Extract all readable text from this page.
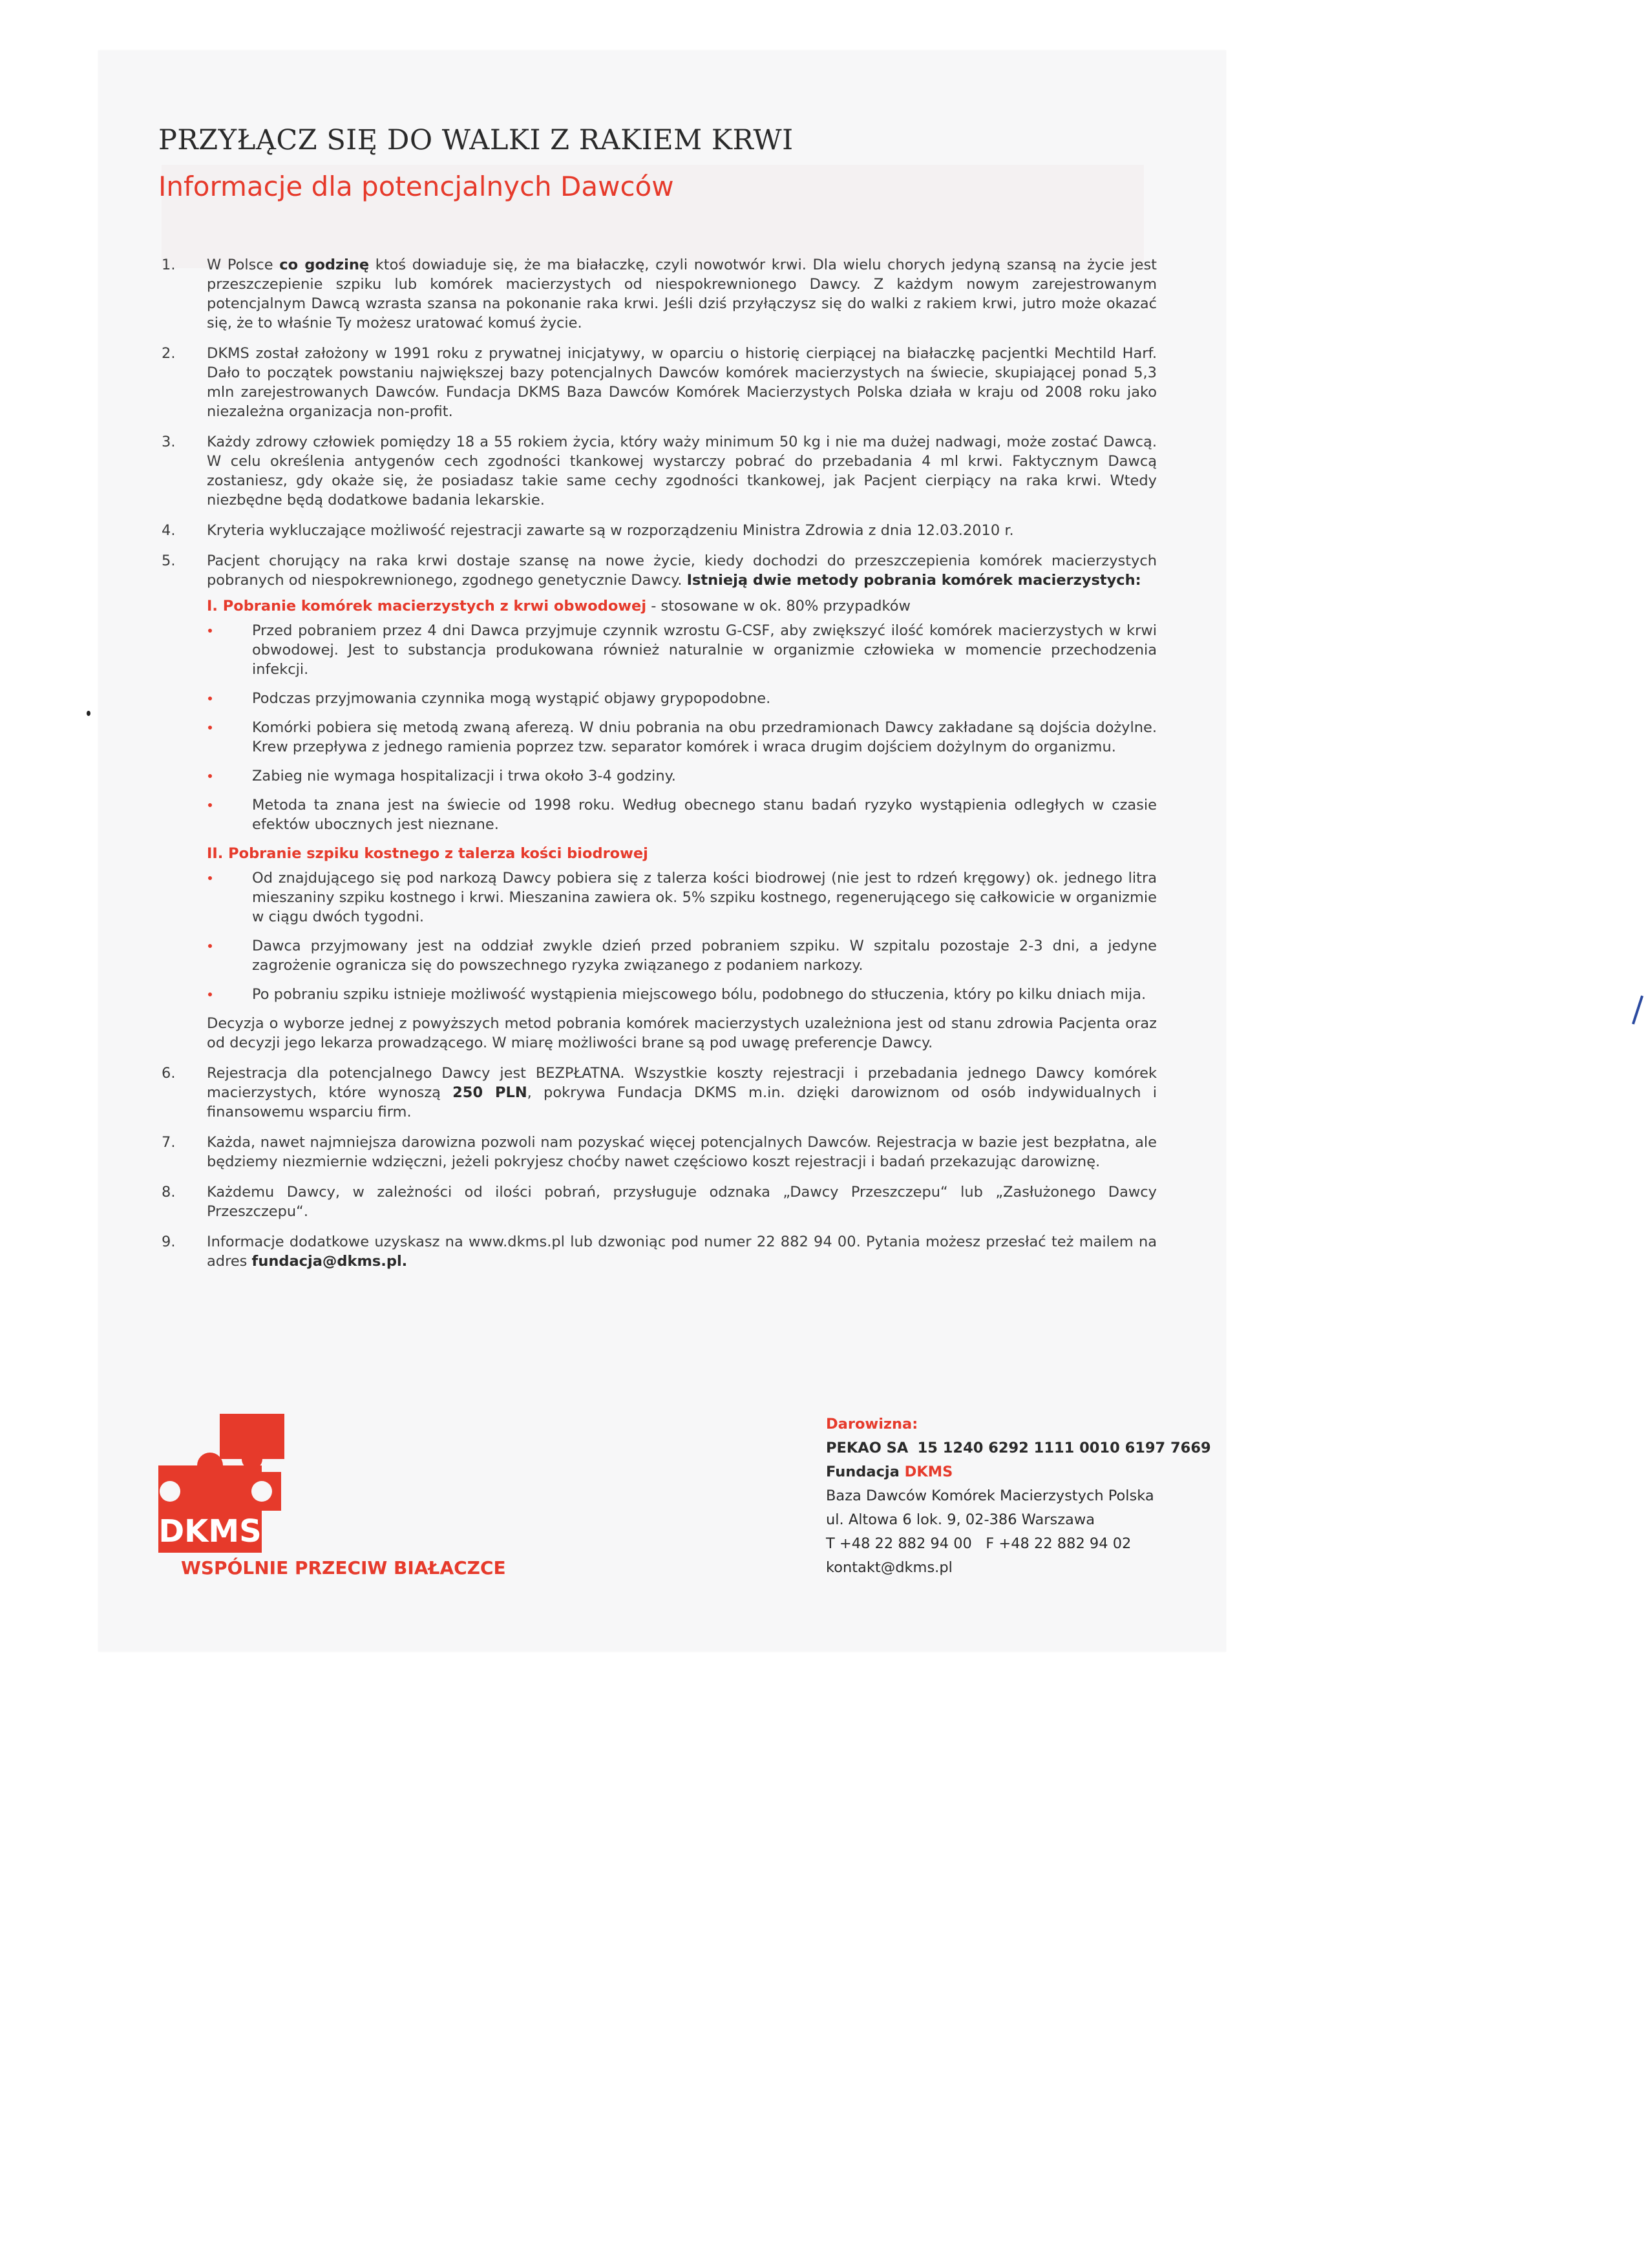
PRZYŁĄCZ SIĘ DO WALKI Z RAKIEM KRWI
Informacje dla potencjalnych Dawców
1.	W Polsce co godzinę ktoś dowiaduje się, że ma białaczkę, czyli nowotwór krwi. Dla wielu chorych jedyną szansą na życie jest przeszczepienie szpiku lub komórek macierzystych od niespokrewnionego Dawcy. Z każdym nowym zarejestrowanym potencjalnym Dawcą wzrasta szansa na pokonanie raka krwi. Jeśli dziś przyłączysz się do walki z rakiem krwi, jutro może okazać się, że to właśnie Ty możesz uratować komuś życie.
2.	DKMS został założony w 1991 roku z prywatnej inicjatywy, w oparciu o historię cierpiącej na białaczkę pacjentki Mechtild Harf. Dało to początek powstaniu największej bazy potencjalnych Dawców komórek macierzystych na świecie, skupiającej ponad 5,3 mln zarejestrowanych Dawców. Fundacja DKMS Baza Dawców Komórek Macierzystych Polska działa w kraju od 2008 roku jako niezależna organizacja non-profit.
3.	Każdy zdrowy człowiek pomiędzy 18 a 55 rokiem życia, który waży minimum 50 kg i nie ma dużej nadwagi, może zostać Dawcą. W celu określenia antygenów cech zgodności tkankowej wystarczy pobrać do przebadania 4 ml krwi. Faktycznym Dawcą zostaniesz, gdy okaże się, że posiadasz takie same cechy zgodności tkankowej, jak Pacjent cierpiący na raka krwi. Wtedy niezbędne będą dodatkowe badania lekarskie.
4.	Kryteria wykluczające możliwość rejestracji zawarte są w rozporządzeniu Ministra Zdrowia z dnia 12.03.2010 r.
5.	Pacjent chorujący na raka krwi dostaje szansę na nowe życie, kiedy dochodzi do przeszczepienia komórek macierzystych pobranych od niespokrewnionego, zgodnego genetycznie Dawcy. Istnieją dwie metody pobrania komórek macierzystych:

I. Pobranie komórek macierzystych z krwi obwodowej - stosowane w ok. 80% przypadków
Przed pobraniem przez 4 dni Dawca przyjmuje czynnik wzrostu G-CSF, aby zwiększyć ilość komórek macierzystych w krwi obwodowej. Jest to substancja produkowana również naturalnie w organizmie człowieka w momencie przechodzenia infekcji.
Podczas przyjmowania czynnika mogą wystąpić objawy grypopodobne.
Komórki pobiera się metodą zwaną aferezą. W dniu pobrania na obu przedramionach Dawcy zakładane są dojścia dożylne. Krew przepływa z jednego ramienia poprzez tzw. separator komórek i wraca drugim dojściem dożylnym do organizmu.
Zabieg nie wymaga hospitalizacji i trwa około 3-4 godziny.
Metoda ta znana jest na świecie od 1998 roku. Według obecnego stanu badań ryzyko wystąpienia odległych w czasie efektów ubocznych jest nieznane.
II. Pobranie szpiku kostnego z talerza kości biodrowej
Od znajdującego się pod narkozą Dawcy pobiera się z talerza kości biodrowej (nie jest to rdzeń kręgowy) ok. jednego litra mieszaniny szpiku kostnego i krwi. Mieszanina zawiera ok. 5% szpiku kostnego, regenerującego się całkowicie w organizmie w ciągu dwóch tygodni.
Dawca przyjmowany jest na oddział zwykle dzień przed pobraniem szpiku. W szpitalu pozostaje 2-3 dni, a jedyne zagrożenie ogranicza się do powszechnego ryzyka związanego z podaniem narkozy.
Po pobraniu szpiku istnieje możliwość wystąpienia miejscowego bólu, podobnego do stłuczenia, który po kilku dniach mija.

Decyzja o wyborze jednej z powyższych metod pobrania komórek macierzystych uzależniona jest od stanu zdrowia Pacjenta oraz od decyzji jego lekarza prowadzącego. W miarę możliwości brane są pod uwagę preferencje Dawcy.

6.	Rejestracja dla potencjalnego Dawcy jest BEZPŁATNA. Wszystkie koszty rejestracji i przebadania jednego Dawcy komórek macierzystych, które wynoszą 250 PLN, pokrywa Fundacja DKMS m.in. dzięki darowiznom od osób indywidualnych i finansowemu wsparciu firm.
7.	Każda, nawet najmniejsza darowizna pozwoli nam pozyskać więcej potencjalnych Dawców. Rejestracja w bazie jest bezpłatna, ale będziemy niezmiernie wdzięczni, jeżeli pokryjesz choćby nawet częściowo koszt rejestracji i badań przekazując darowiznę.
8.	Każdemu Dawcy, w zależności od ilości pobrań, przysługuje odznaka „Dawcy Przeszczepu“ lub „Zasłużonego Dawcy Przeszczepu“.
9.	Informacje dodatkowe uzyskasz na www.dkms.pl lub dzwoniąc pod numer 22 882 94 00. Pytania możesz przesłać też mailem na adres fundacja@dkms.pl.
DKMS

WSPÓLNIE PRZECIW BIAŁACZCE

Darowizna:
PEKAO SA 15 1240 6292 1111 0010 6197 7669
Fundacja DKMS
Baza Dawców Komórek Macierzystych Polska
ul. Altowa 6 lok. 9, 02-386 Warszawa
T +48 22 882 94 00 F +48 22 882 94 02
kontakt@dkms.pl
